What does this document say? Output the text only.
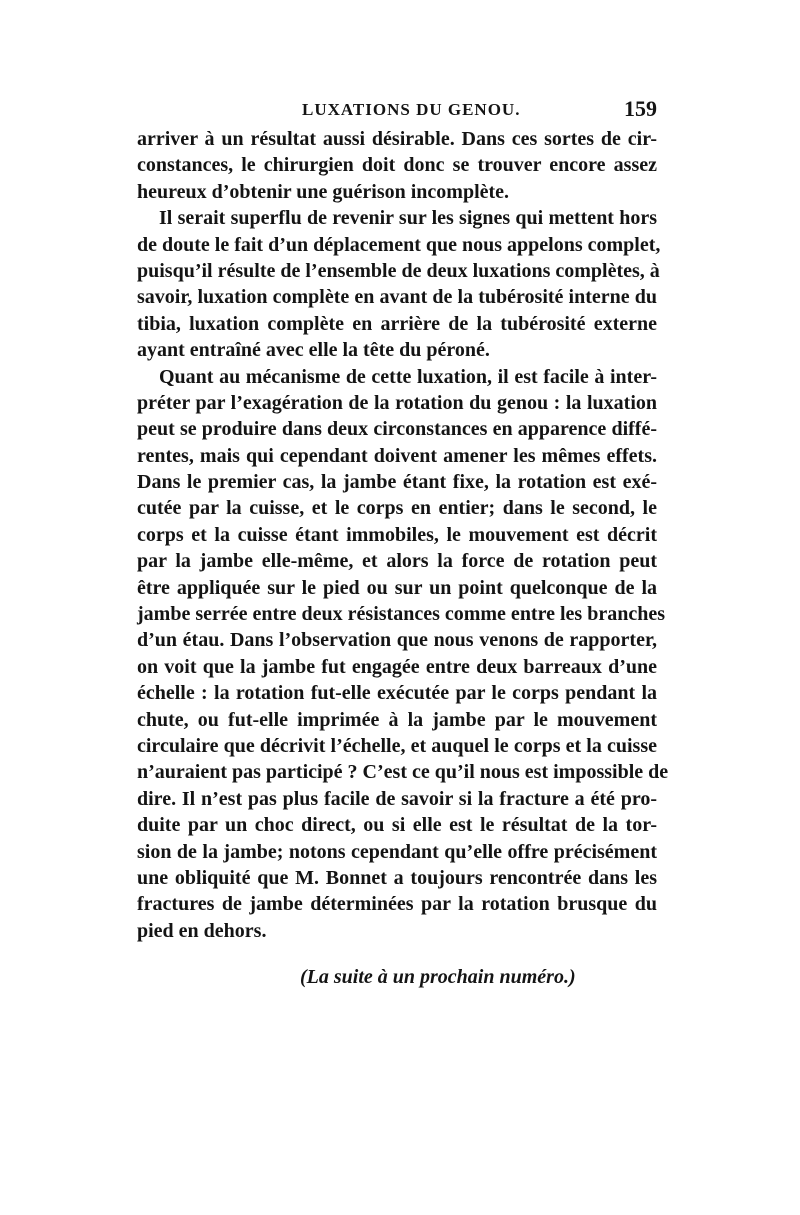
LUXATIONS DU GENOU.	159
arriver à un résultat aussi désirable. Dans ces sortes de cir-
constances, le chirurgien doit donc se trouver encore assez
heureux d’obtenir une guérison incomplète.
Il serait superflu de revenir sur les signes qui mettent hors
de doute le fait d’un déplacement que nous appelons complet,
puisqu’il résulte de l’ensemble de deux luxations complètes, à
savoir, luxation complète en avant de la tubérosité interne du
tibia, luxation complète en arrière de la tubérosité externe
ayant entraîné avec elle la tête du péroné.
Quant au mécanisme de cette luxation, il est facile à inter-
préter par l’exagération de la rotation du genou : la luxation
peut se produire dans deux circonstances en apparence diffé-
rentes, mais qui cependant doivent amener les mêmes effets.
Dans le premier cas, la jambe étant fixe, la rotation est exé-
cutée par la cuisse, et le corps en entier; dans le second, le
corps et la cuisse étant immobiles, le mouvement est décrit
par la jambe elle-même, et alors la force de rotation peut
être appliquée sur le pied ou sur un point quelconque de la
jambe serrée entre deux résistances comme entre les branches
d’un étau. Dans l’observation que nous venons de rapporter,
on voit que la jambe fut engagée entre deux barreaux d’une
échelle : la rotation fut-elle exécutée par le corps pendant la
chute, ou fut-elle imprimée à la jambe par le mouvement
circulaire que décrivit l’échelle, et auquel le corps et la cuisse
n’auraient pas participé ? C’est ce qu’il nous est impossible de
dire. Il n’est pas plus facile de savoir si la fracture a été pro-
duite par un choc direct, ou si elle est le résultat de la tor-
sion de la jambe; notons cependant qu’elle offre précisément
une obliquité que M. Bonnet a toujours rencontrée dans les
fractures de jambe déterminées par la rotation brusque du
pied en dehors.
(La suite à un prochain numéro.)
